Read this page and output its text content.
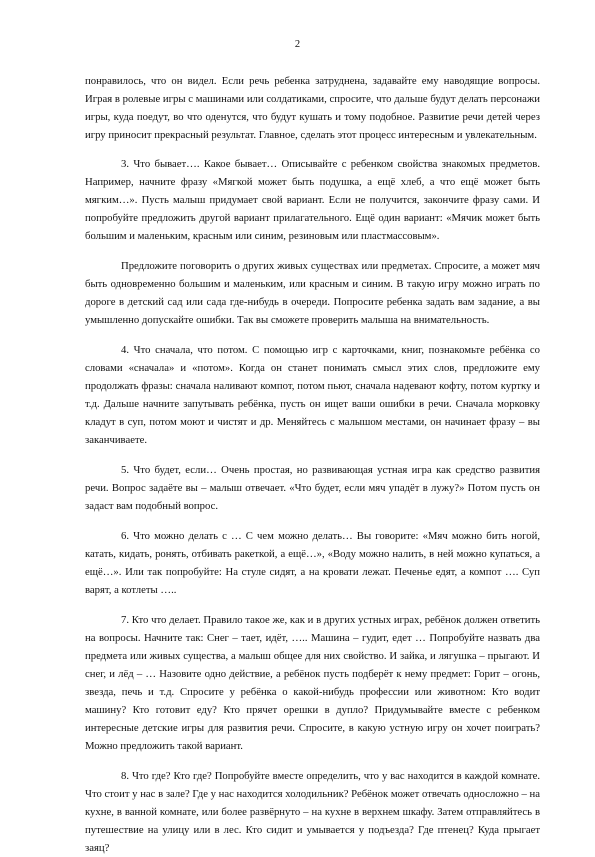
2

понравилось, что он видел. Если речь ребенка затруднена, задавайте ему наводящие вопросы. Играя в ролевые игры с машинами или солдатиками, спросите, что дальше будут делать персонажи игры, куда поедут, во что оденутся, что будут кушать и тому подобное. Развитие речи детей через игру приносит прекрасный результат. Главное, сделать этот процесс интересным и увлекательным.

3. Что бывает…. Какое бывает… Описывайте с ребенком свойства знакомых предметов. Например, начните фразу «Мягкой может быть подушка, а ещё хлеб, а что ещё может быть мягким…». Пусть малыш придумает свой вариант. Если не получится, закончите фразу сами. И попробуйте предложить другой вариант прилагательного. Ещё один вариант: «Мячик может быть большим и маленьким, красным или синим, резиновым или пластмассовым».

Предложите поговорить о других живых существах или предметах. Спросите, а может мяч быть одновременно большим и маленьким, или красным и синим. В такую игру можно играть по дороге в детский сад или сада где-нибудь в очереди. Попросите ребенка задать вам задание, а вы умышленно допускайте ошибки. Так вы сможете проверить малыша на внимательность.

4. Что сначала, что потом. С помощью игр с карточками, книг, познакомьте ребёнка со словами «сначала» и «потом». Когда он станет понимать смысл этих слов, предложите ему продолжать фразы: сначала наливают компот, потом пьют, сначала надевают кофту, потом куртку и т.д. Дальше начните запутывать ребёнка, пусть он ищет ваши ошибки в речи. Сначала морковку кладут в суп, потом моют и чистят и др. Меняйтесь с малышом местами, он начинает фразу – вы заканчиваете.

5. Что будет, если… Очень простая, но развивающая устная игра как средство развития речи. Вопрос задаёте вы – малыш отвечает. «Что будет, если мяч упадёт в лужу?» Потом пусть он задаст вам подобный вопрос.

6. Что можно делать с … С чем можно делать… Вы говорите: «Мяч можно бить ногой, катать, кидать, ронять, отбивать ракеткой, а ещё…», «Воду можно налить, в ней можно купаться, а ещё…». Или так попробуйте: На стуле сидят, а на кровати лежат. Печенье едят, а компот …. Суп варят, а котлеты …..

7. Кто что делает. Правило такое же, как и в других устных играх, ребёнок должен ответить на вопросы. Начните так: Снег – тает, идёт, ….. Машина – гудит, едет … Попробуйте назвать два предмета или живых существа, а малыш общее для них свойство. И зайка, и лягушка – прыгают. И снег, и лёд – … Назовите одно действие, а ребёнок пусть подберёт к нему предмет: Горит – огонь, звезда, печь и т.д. Спросите у ребёнка о какой-нибудь профессии или животном: Кто водит машину? Кто готовит еду? Кто прячет орешки в дупло? Придумывайте вместе с ребенком интересные детские игры для развития речи. Спросите, в какую устную игру он хочет поиграть? Можно предложить такой вариант.

8. Что где? Кто где? Попробуйте вместе определить, что у вас находится в каждой комнате. Что стоит у нас в зале? Где у нас находится холодильник? Ребёнок может отвечать односложно – на кухне, в ванной комнате, или более развёрнуто – на кухне в верхнем шкафу. Затем отправляйтесь в путешествие на улицу или в лес. Кто сидит и умывается у подъезда? Где птенец? Куда прыгает заяц?
